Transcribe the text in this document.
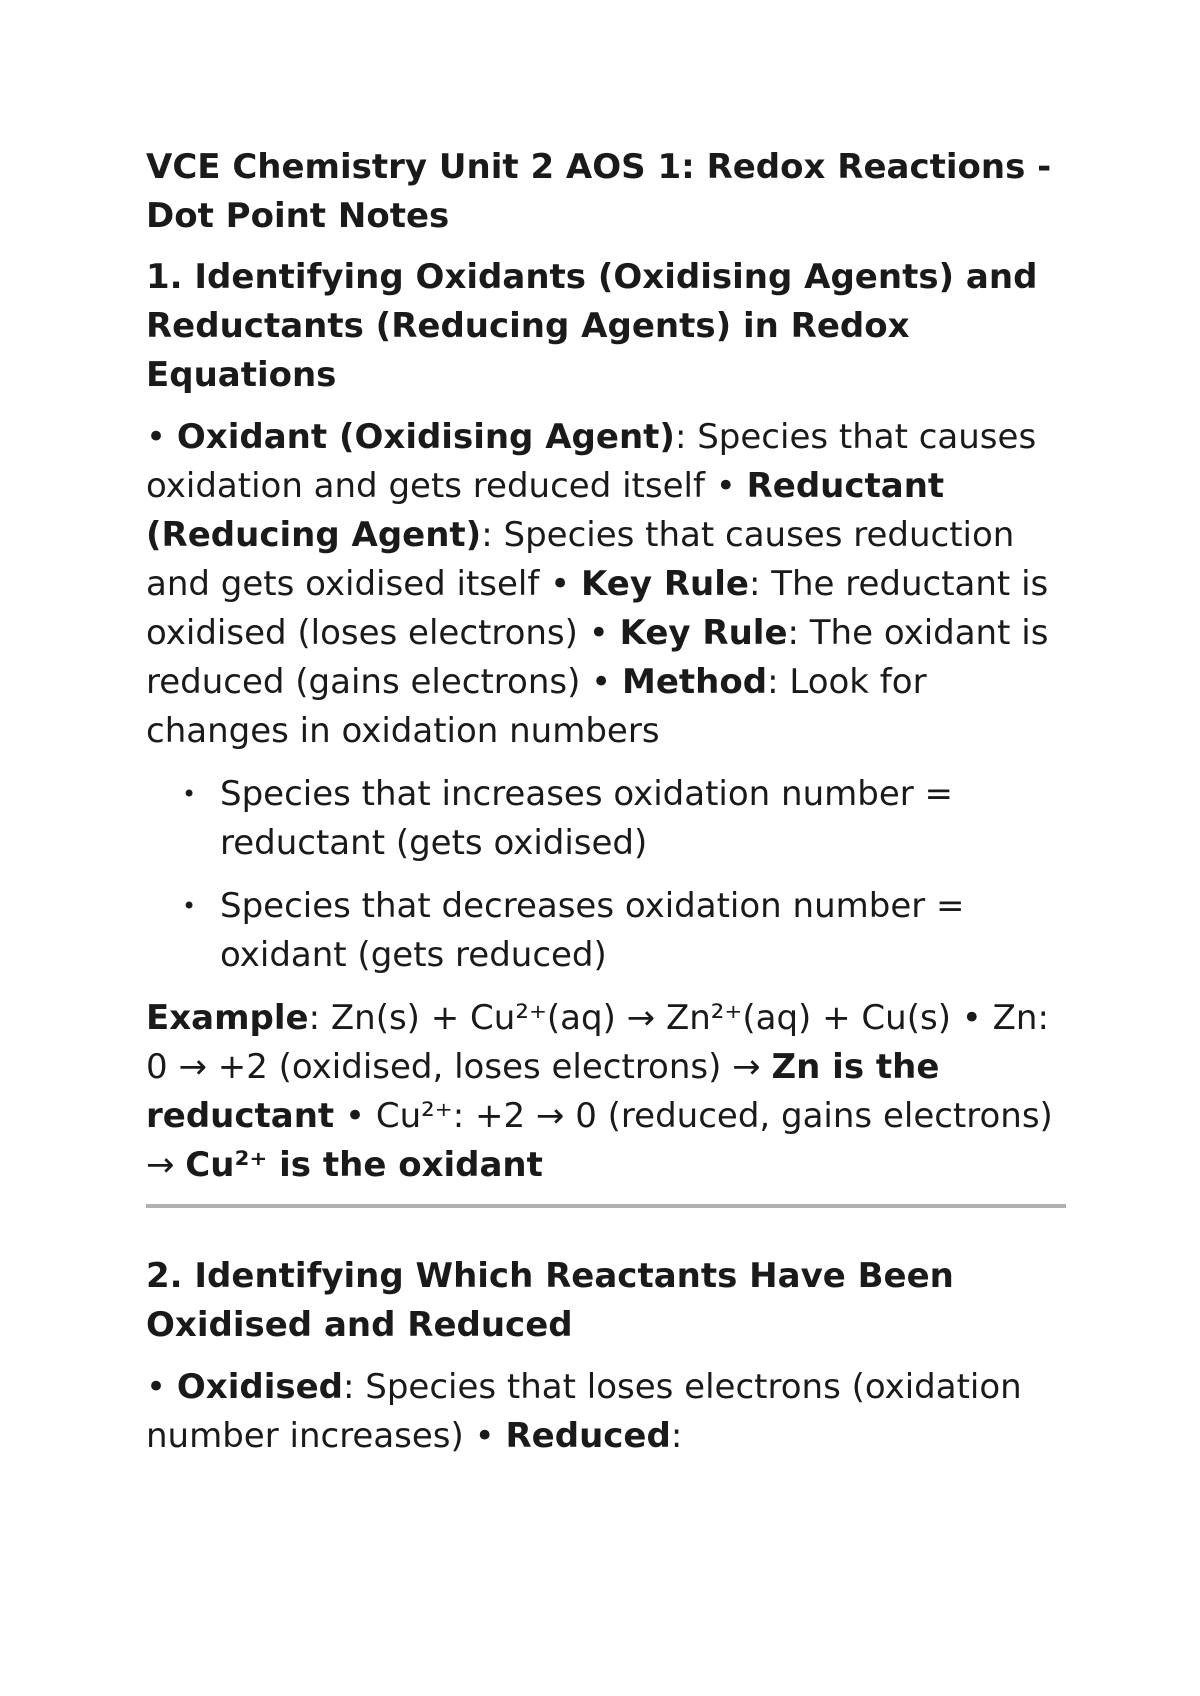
VCE Chemistry Unit 2 AOS 1: Redox Reactions - Dot Point Notes
1. Identifying Oxidants (Oxidising Agents) and Reductants (Reducing Agents) in Redox Equations
• Oxidant (Oxidising Agent): Species that causes oxidation and gets reduced itself • Reductant (Reducing Agent): Species that causes reduction and gets oxidised itself • Key Rule: The reductant is oxidised (loses electrons) • Key Rule: The oxidant is reduced (gains electrons) • Method: Look for changes in oxidation numbers
• Species that increases oxidation number = reductant (gets oxidised)
• Species that decreases oxidation number = oxidant (gets reduced)
Example: Zn(s) + Cu²⁺(aq) → Zn²⁺(aq) + Cu(s) • Zn: 0 → +2 (oxidised, loses electrons) → Zn is the reductant • Cu²⁺: +2 → 0 (reduced, gains electrons) → Cu²⁺ is the oxidant
2. Identifying Which Reactants Have Been Oxidised and Reduced
• Oxidised: Species that loses electrons (oxidation number increases) • Reduced:
